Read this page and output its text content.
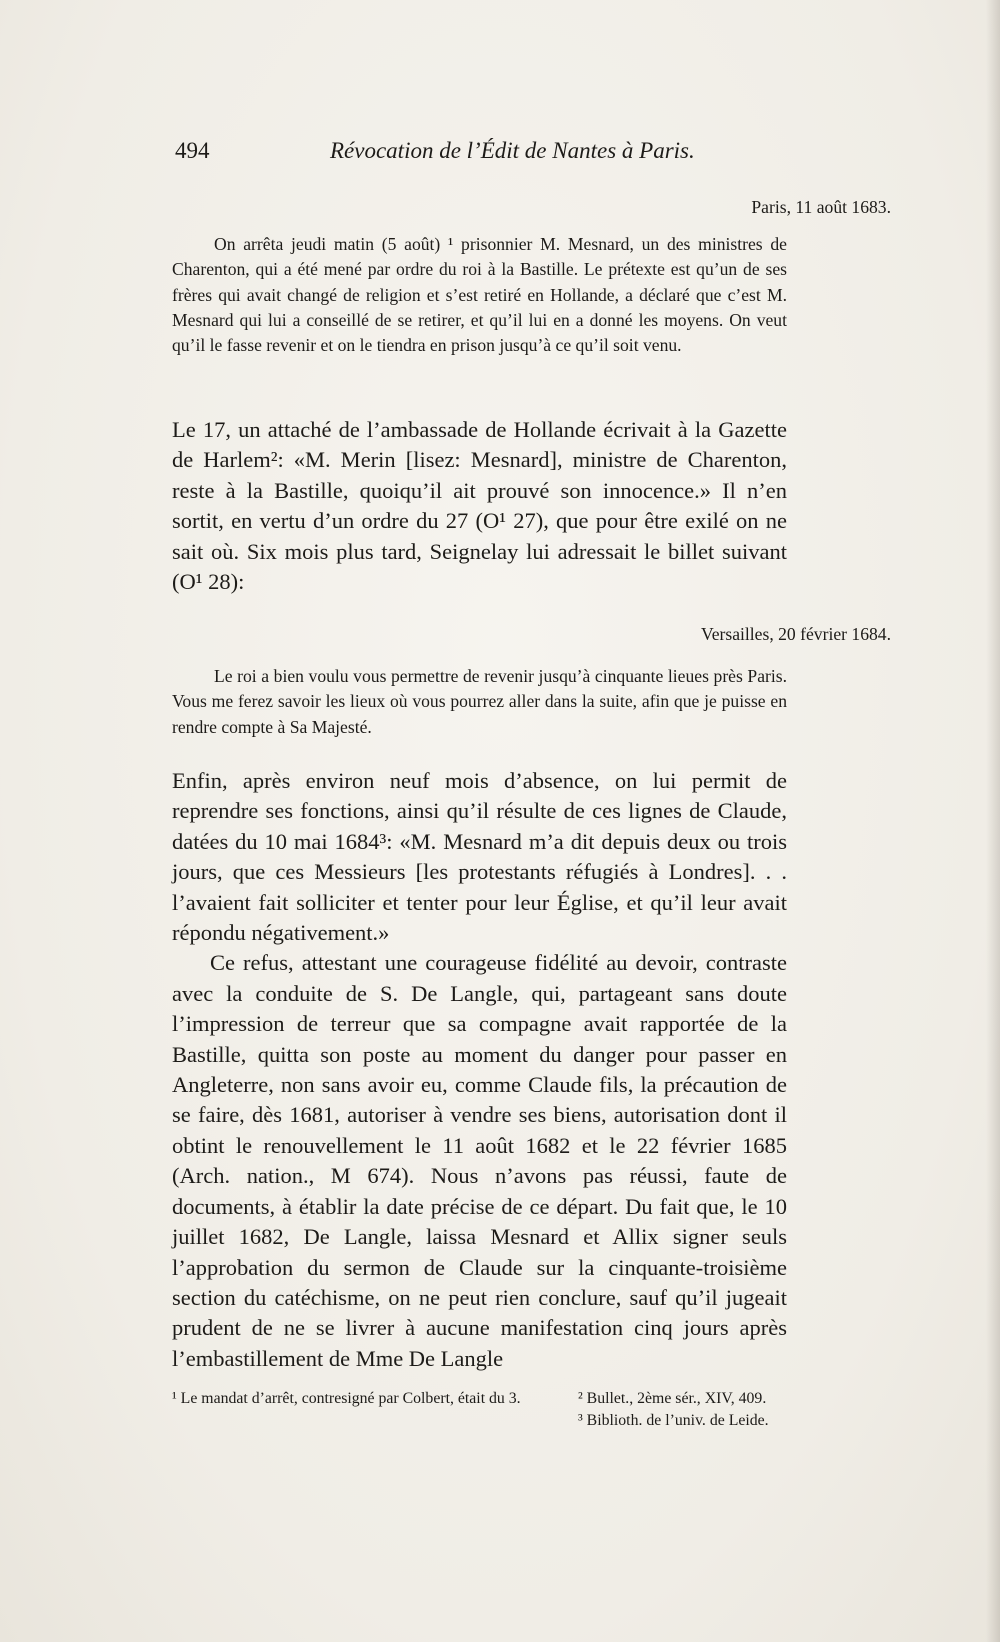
494	Révocation de l’Édit de Nantes à Paris.
Paris, 11 août 1683.

On arrêta jeudi matin (5 août) ¹ prisonnier M. Mesnard, un des ministres de Charenton, qui a été mené par ordre du roi à la Bastille. Le prétexte est qu’un de ses frères qui avait changé de religion et s’est retiré en Hollande, a déclaré que c’est M. Mesnard qui lui a conseillé de se retirer, et qu’il lui en a donné les moyens. On veut qu’il le fasse revenir et on le tiendra en prison jusqu’à ce qu’il soit venu.

Le 17, un attaché de l’ambassade de Hollande écrivait à la Gazette de Harlem²: «M. Merin [lisez: Mesnard], ministre de Charenton, reste à la Bastille, quoiqu’il ait prouvé son innocence.» Il n’en sortit, en vertu d’un ordre du 27 (O¹ 27), que pour être exilé on ne sait où. Six mois plus tard, Seignelay lui adressait le billet suivant (O¹ 28):

Versailles, 20 février 1684.

Le roi a bien voulu vous permettre de revenir jusqu’à cinquante lieues près Paris. Vous me ferez savoir les lieux où vous pourrez aller dans la suite, afin que je puisse en rendre compte à Sa Majesté.

Enfin, après environ neuf mois d’absence, on lui permit de reprendre ses fonctions, ainsi qu’il résulte de ces lignes de Claude, datées du 10 mai 1684³: «M. Mesnard m’a dit depuis deux ou trois jours, que ces Messieurs [les protestants réfugiés à Londres]. . . l’avaient fait solliciter et tenter pour leur Église, et qu’il leur avait répondu négativement.»

Ce refus, attestant une courageuse fidélité au devoir, contraste avec la conduite de S. De Langle, qui, partageant sans doute l’impression de terreur que sa compagne avait rapportée de la Bastille, quitta son poste au moment du danger pour passer en Angleterre, non sans avoir eu, comme Claude fils, la précaution de se faire, dès 1681, autoriser à vendre ses biens, autorisation dont il obtint le renouvellement le 11 août 1682 et le 22 février 1685 (Arch. nation., M 674). Nous n’avons pas réussi, faute de documents, à établir la date précise de ce départ. Du fait que, le 10 juillet 1682, De Langle, laissa Mesnard et Allix signer seuls l’approbation du sermon de Claude sur la cinquante-troisième section du catéchisme, on ne peut rien conclure, sauf qu’il jugeait prudent de ne se livrer à aucune manifestation cinq jours après l’embastillement de Mme De Langle

¹ Le mandat d’arrêt, contresigné par Colbert, était du 3.	² Bullet., 2ème sér., XIV, 409.

³ Biblioth. de l’univ. de Leide.
